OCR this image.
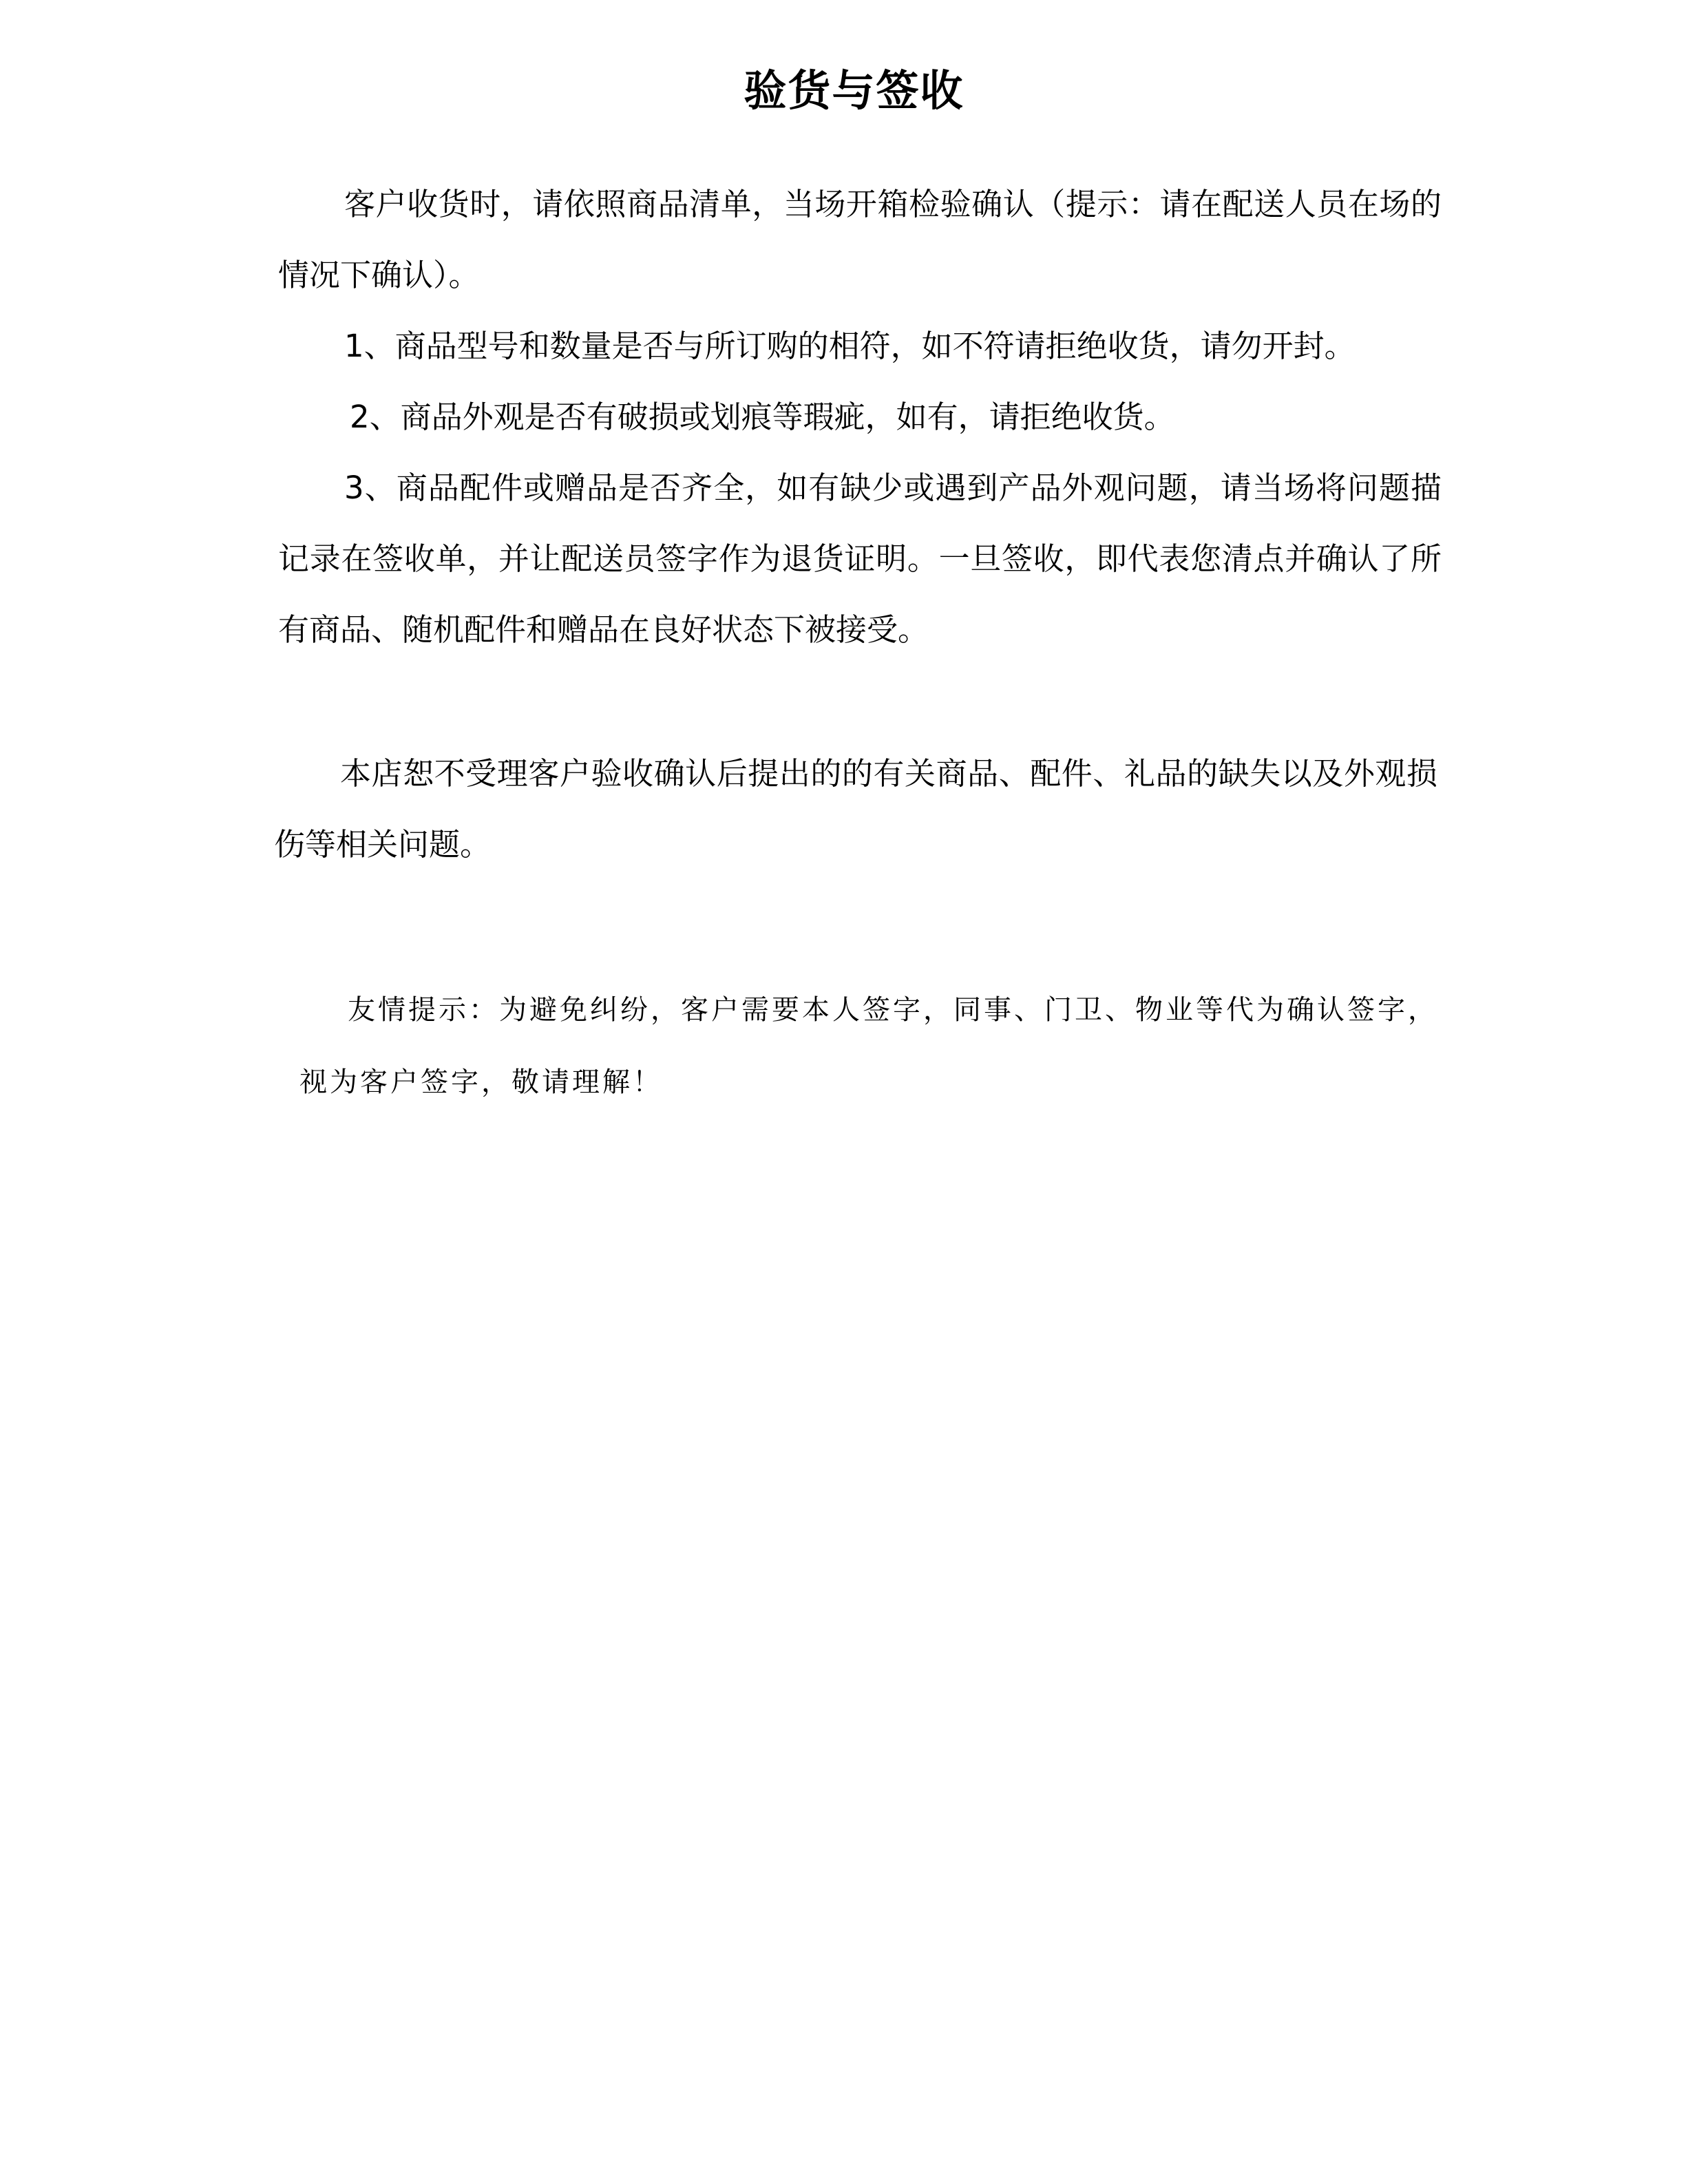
验货与签收

客户收货时，请依照商品清单，当场开箱检验确认（提示：请在配送人员在场的情况下确认）。

1、商品型号和数量是否与所订购的相符，如不符请拒绝收货，请勿开封。

2、商品外观是否有破损或划痕等瑕疵，如有，请拒绝收货。

3、商品配件或赠品是否齐全，如有缺少或遇到产品外观问题，请当场将问题描记录在签收单，并让配送员签字作为退货证明。一旦签收，即代表您清点并确认了所有商品、随机配件和赠品在良好状态下被接受。

本店恕不受理客户验收确认后提出的的有关商品、配件、礼品的缺失以及外观损伤等相关问题。

友情提示：为避免纠纷，客户需要本人签字，同事、门卫、物业等代为确认签字，

视为客户签字，敬请理解！
